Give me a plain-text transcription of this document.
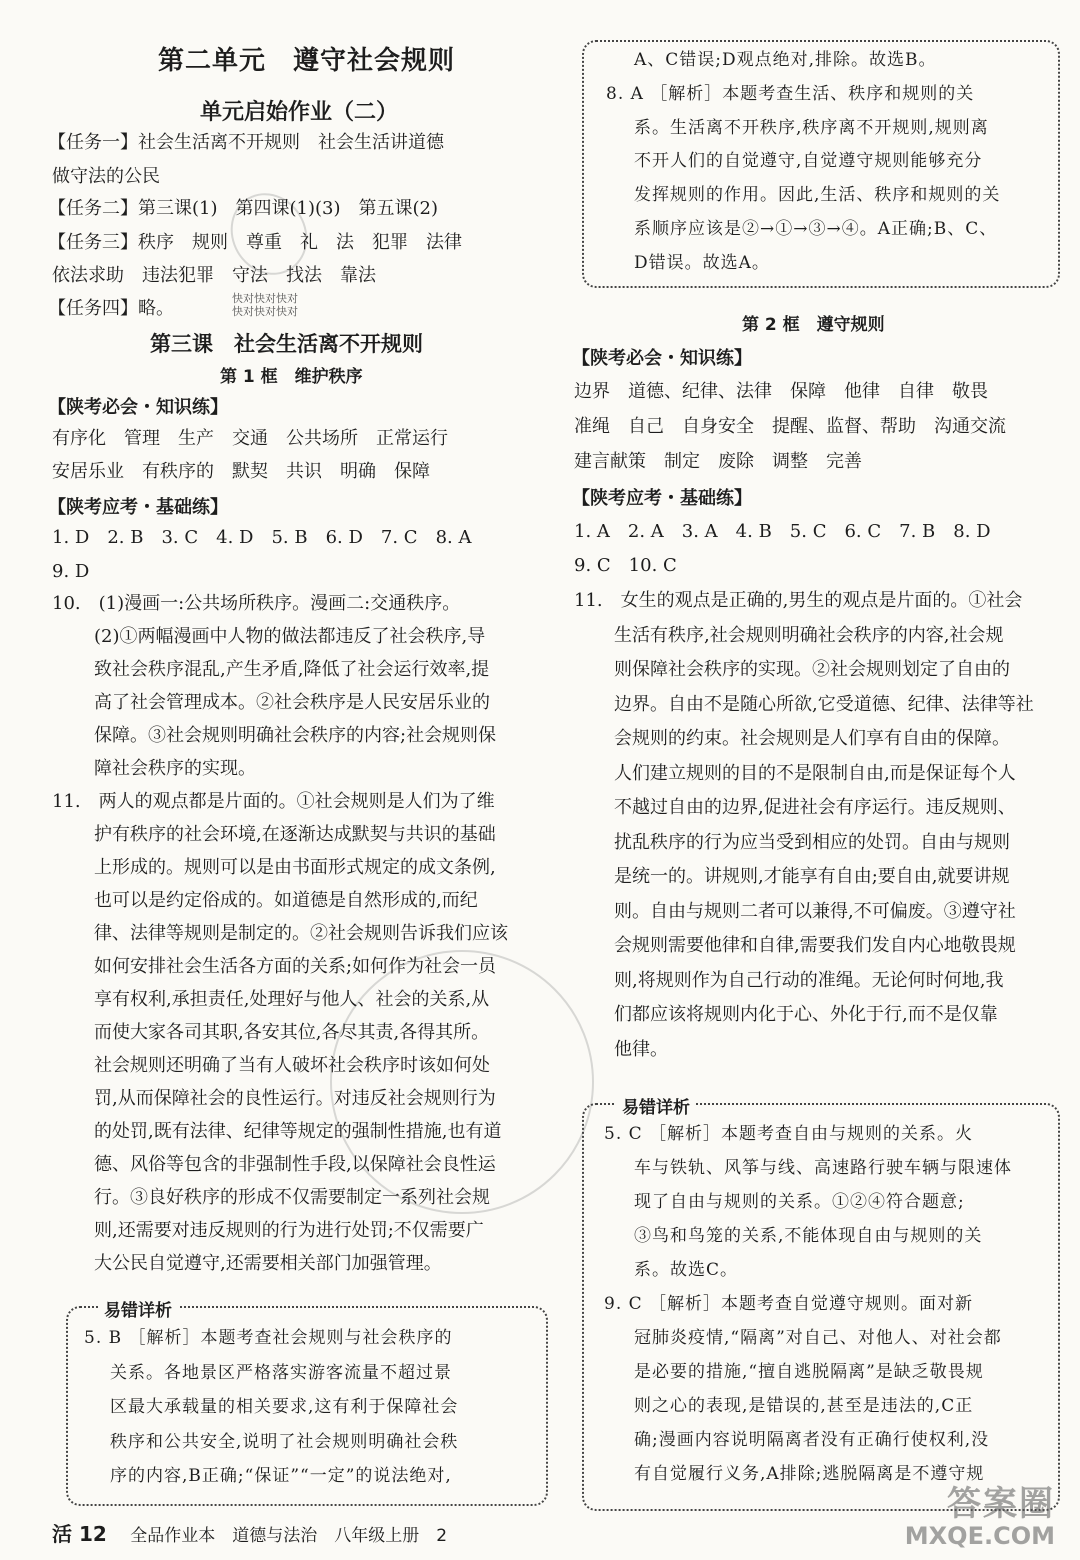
快对快对快对
快对快对快对
第二单元　遵守社会规则
单元启始作业（二）
【任务一】社会生活离不开规则　社会生活讲道德
做守法的公民
【任务二】第三课(1)　第四课(1)(3)　第五课(2)
【任务三】秩序　规则　尊重　礼　法　犯罪　法律
依法求助　违法犯罪　守法　找法　靠法
【任务四】略。
第三课　社会生活离不开规则
第 1 框　维护秩序
【陕考必会・知识练】
有序化　管理　生产　交通　公共场所　正常运行
安居乐业　有秩序的　默契　共识　明确　保障
【陕考应考・基础练】
1. D　2. B　3. C　4. D　5. B　6. D　7. C　8. A
9. D
10.　(1)漫画一:公共场所秩序。漫画二:交通秩序。
(2)①两幅漫画中人物的做法都违反了社会秩序,导
致社会秩序混乱,产生矛盾,降低了社会运行效率,提
高了社会管理成本。②社会秩序是人民安居乐业的
保障。③社会规则明确社会秩序的内容;社会规则保
障社会秩序的实现。
11.　两人的观点都是片面的。①社会规则是人们为了维
护有秩序的社会环境,在逐渐达成默契与共识的基础
上形成的。规则可以是由书面形式规定的成文条例,
也可以是约定俗成的。如道德是自然形成的,而纪
律、法律等规则是制定的。②社会规则告诉我们应该
如何安排社会生活各方面的关系;如何作为社会一员
享有权利,承担责任,处理好与他人、社会的关系,从
而使大家各司其职,各安其位,各尽其责,各得其所。
社会规则还明确了当有人破坏社会秩序时该如何处
罚,从而保障社会的良性运行。对违反社会规则行为
的处罚,既有法律、纪律等规定的强制性措施,也有道
德、风俗等包含的非强制性手段,以保障社会良性运
行。③良好秩序的形成不仅需要制定一系列社会规
则,还需要对违反规则的行为进行处罚;不仅需要广
大公民自觉遵守,还需要相关部门加强管理。
易错详析
5. B ［解析］本题考查社会规则与社会秩序的
关系。各地景区严格落实游客流量不超过景
区最大承载量的相关要求,这有利于保障社会
秩序和公共安全,说明了社会规则明确社会秩
序的内容,B正确;“保证”“一定”的说法绝对,
A、C错误;D观点绝对,排除。故选B。
8. A ［解析］本题考查生活、秩序和规则的关
系。生活离不开秩序,秩序离不开规则,规则离
不开人们的自觉遵守,自觉遵守规则能够充分
发挥规则的作用。因此,生活、秩序和规则的关
系顺序应该是②→①→③→④。A正确;B、C、
D错误。故选A。
第 2 框　遵守规则
【陕考必会・知识练】
边界　道德、纪律、法律　保障　他律　自律　敬畏
准绳　自己　自身安全　提醒、监督、帮助　沟通交流
建言献策　制定　废除　调整　完善
【陕考应考・基础练】
1. A　2. A　3. A　4. B　5. C　6. C　7. B　8. D
9. C　10. C
11.　女生的观点是正确的,男生的观点是片面的。①社会
生活有秩序,社会规则明确社会秩序的内容,社会规
则保障社会秩序的实现。②社会规则划定了自由的
边界。自由不是随心所欲,它受道德、纪律、法律等社
会规则的约束。社会规则是人们享有自由的保障。
人们建立规则的目的不是限制自由,而是保证每个人
不越过自由的边界,促进社会有序运行。违反规则、
扰乱秩序的行为应当受到相应的处罚。自由与规则
是统一的。讲规则,才能享有自由;要自由,就要讲规
则。自由与规则二者可以兼得,不可偏废。③遵守社
会规则需要他律和自律,需要我们发自内心地敬畏规
则,将规则作为自己行动的准绳。无论何时何地,我
们都应该将规则内化于心、外化于行,而不是仅靠
他律。
易错详析
5. C ［解析］本题考查自由与规则的关系。火
车与铁轨、风筝与线、高速路行驶车辆与限速体
现了自由与规则的关系。①②④符合题意;
③鸟和鸟笼的关系,不能体现自由与规则的关
系。故选C。
9. C ［解析］本题考查自觉遵守规则。面对新
冠肺炎疫情,“隔离”对自己、对他人、对社会都
是必要的措施,“擅自逃脱隔离”是缺乏敬畏规
则之心的表现,是错误的,甚至是违法的,C正
确;漫画内容说明隔离者没有正确行使权利,没
有自觉履行义务,A排除;逃脱隔离是不遵守规
活 12 全品作业本　道德与法治　八年级上册　2
答案圈
MXQE.COM
